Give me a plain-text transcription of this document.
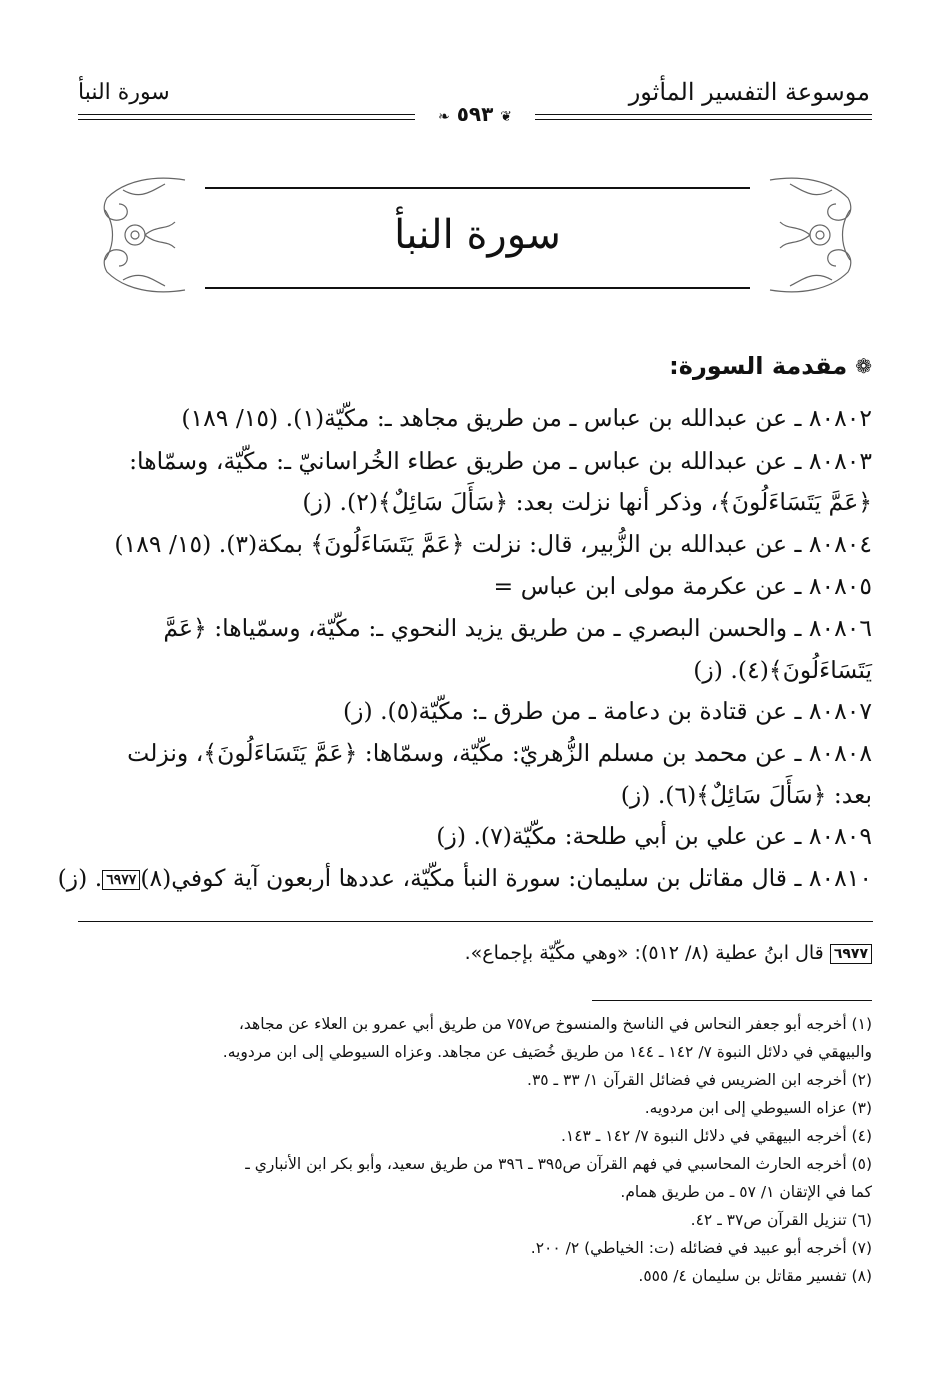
موسوعة التفسير المأثور
سورة النبأ
❦ ٥٩٣ ❧
سورة النبأ
❁
مقدمة السورة:
٨٠٨٠٢ ـ عن عبدالله بن عباس ـ من طريق مجاهد ـ: مكّيّة(١). (١٥/ ١٨٩)
٨٠٨٠٣ ـ عن عبدالله بن عباس ـ من طريق عطاء الخُراسانيّ ـ: مكّيّة، وسمّاها:
﴿عَمَّ يَتَسَاءَلُونَ﴾، وذكر أنها نزلت بعد: ﴿سَأَلَ سَائِلٌ﴾(٢). (ز)
٨٠٨٠٤ ـ عن عبدالله بن الزُّبير، قال: نزلت ﴿عَمَّ يَتَسَاءَلُونَ﴾ بمكة(٣). (١٥/ ١٨٩)
٨٠٨٠٥ ـ عن عكرمة مولى ابن عباس =
٨٠٨٠٦ ـ والحسن البصري ـ من طريق يزيد النحوي ـ: مكّيّة، وسمّياها: ﴿عَمَّ
يَتَسَاءَلُونَ﴾(٤). (ز)
٨٠٨٠٧ ـ عن قتادة بن دعامة ـ من طرق ـ: مكّيّة(٥). (ز)
٨٠٨٠٨ ـ عن محمد بن مسلم الزُّهريّ: مكّيّة، وسمّاها: ﴿عَمَّ يَتَسَاءَلُونَ﴾، ونزلت
بعد: ﴿سَأَلَ سَائِلٌ﴾(٦). (ز)
٨٠٨٠٩ ـ عن علي بن أبي طلحة: مكّيّة(٧). (ز)
٨٠٨١٠ ـ قال مقاتل بن سليمان: سورة النبأ مكّيّة، عددها أربعون آية كوفي(٨)٦٩٧٧. (ز)
٦٩٧٧ قال ابنُ عطية (٨/ ٥١٢): «وهي مكّيّة بإجماع».
(١) أخرجه أبو جعفر النحاس في الناسخ والمنسوخ ص٧٥٧ من طريق أبي عمرو بن العلاء عن مجاهد،
والبيهقي في دلائل النبوة ٧/ ١٤٢ ـ ١٤٤ من طريق خُصَيف عن مجاهد. وعزاه السيوطي إلى ابن مردويه.
(٢) أخرجه ابن الضريس في فضائل القرآن ١/ ٣٣ ـ ٣٥.
(٣) عزاه السيوطي إلى ابن مردويه.
(٤) أخرجه البيهقي في دلائل النبوة ٧/ ١٤٢ ـ ١٤٣.
(٥) أخرجه الحارث المحاسبي في فهم القرآن ص٣٩٥ ـ ٣٩٦ من طريق سعيد، وأبو بكر ابن الأنباري ـ
كما في الإتقان ١/ ٥٧ ـ من طريق همام.
(٦) تنزيل القرآن ص٣٧ ـ ٤٢.
(٧) أخرجه أبو عبيد في فضائله (ت: الخياطي) ٢/ ٢٠٠.
(٨) تفسير مقاتل بن سليمان ٤/ ٥٥٥.
